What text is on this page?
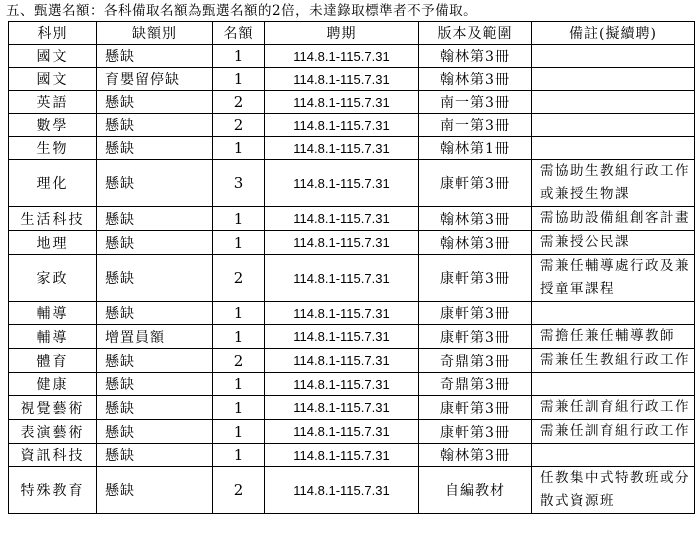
五、甄選名額：各科備取名額為甄選名額的2倍，未達錄取標準者不予備取。
科別	缺額別	名額	聘期	版本及範圍	備註(擬續聘)
國文	懸缺	1	114.8.1-115.7.31	翰林第3冊	
國文	育嬰留停缺	1	114.8.1-115.7.31	翰林第3冊	
英語	懸缺	2	114.8.1-115.7.31	南一第3冊	
數學	懸缺	2	114.8.1-115.7.31	南一第3冊	
生物	懸缺	1	114.8.1-115.7.31	翰林第1冊	
理化	懸缺	3	114.8.1-115.7.31	康軒第3冊	需協助生教組行政工作或兼授生物課
生活科技	懸缺	1	114.8.1-115.7.31	翰林第3冊	需協助設備組創客計畫
地理	懸缺	1	114.8.1-115.7.31	翰林第3冊	需兼授公民課
家政	懸缺	2	114.8.1-115.7.31	康軒第3冊	需兼任輔導處行政及兼授童軍課程
輔導	懸缺	1	114.8.1-115.7.31	康軒第3冊	
輔導	增置員額	1	114.8.1-115.7.31	康軒第3冊	需擔任兼任輔導教師
體育	懸缺	2	114.8.1-115.7.31	奇鼎第3冊	需兼任生教組行政工作
健康	懸缺	1	114.8.1-115.7.31	奇鼎第3冊	
視覺藝術	懸缺	1	114.8.1-115.7.31	康軒第3冊	需兼任訓育組行政工作
表演藝術	懸缺	1	114.8.1-115.7.31	康軒第3冊	需兼任訓育組行政工作
資訊科技	懸缺	1	114.8.1-115.7.31	翰林第3冊	
特殊教育	懸缺	2	114.8.1-115.7.31	自編教材	任教集中式特教班或分散式資源班
